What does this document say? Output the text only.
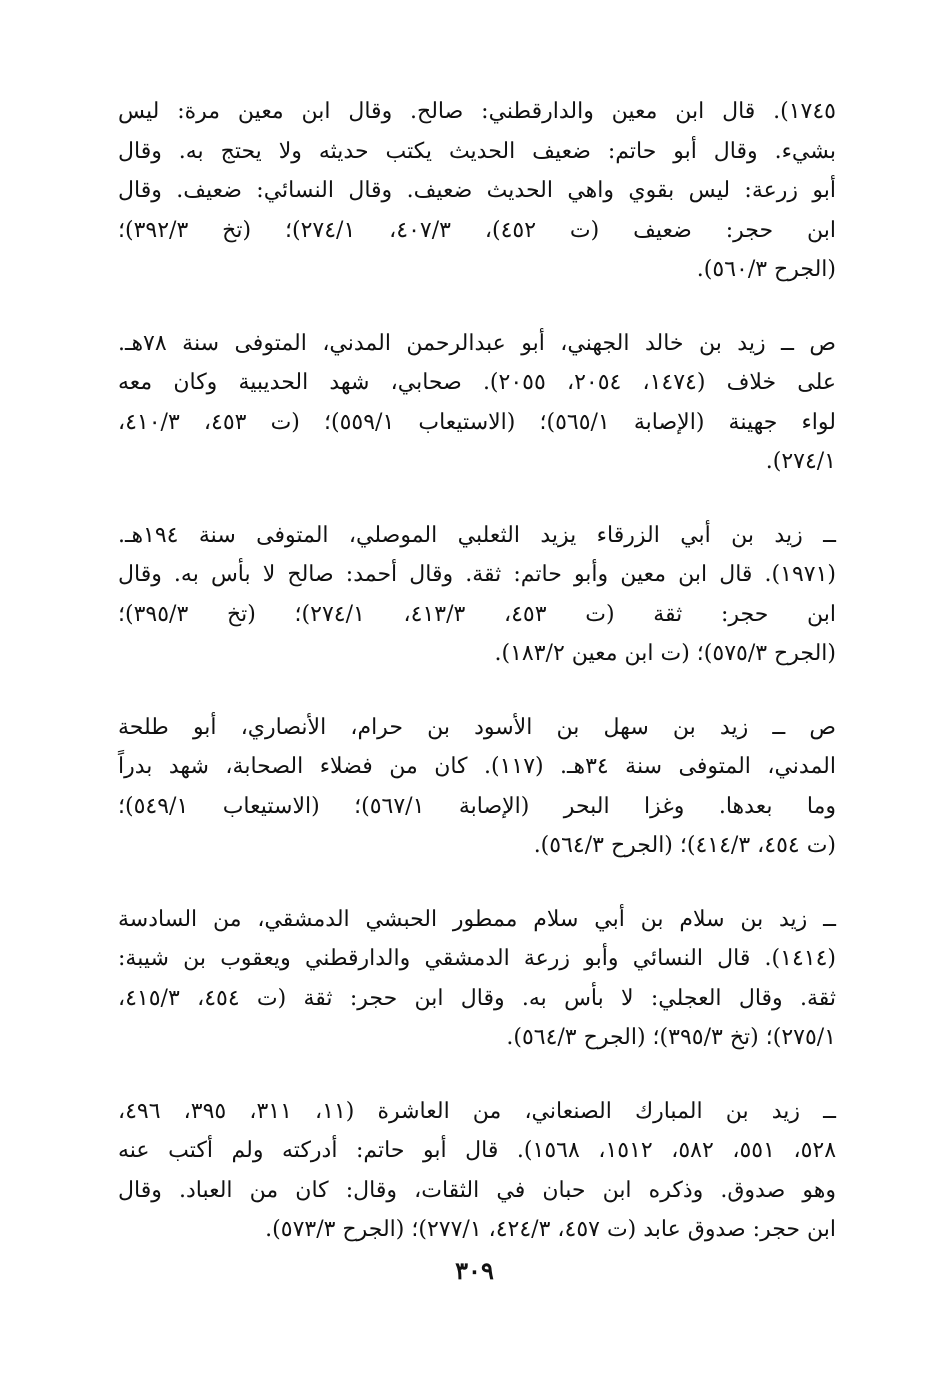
١٧٤٥). قال ابن معين والدارقطني: صالح. وقال ابن معين مرة: ليس
بشيء. وقال أبو حاتم: ضعيف الحديث يكتب حديثه ولا يحتج به. وقال
أبو زرعة: ليس بقوي واهي الحديث ضعيف. وقال النسائي: ضعيف. وقال
ابن حجر: ضعيف (ت ٤٥٢)، ٤٠٧/٣، ٢٧٤/١)؛ (تخ ٣٩٢/٣)؛
(الجرح ٥٦٠/٣).
ص ــ زيد بن خالد الجهني، أبو عبدالرحمن المدني، المتوفى سنة ٧٨هـ.
على خلاف (١٤٧٤، ٢٠٥٤، ٢٠٥٥). صحابي، شهد الحديبية وكان معه
لواء جهينة (الإصابة ٥٦٥/١)؛ (الاستيعاب ٥٥٩/١)؛ (ت ٤٥٣، ٤١٠/٣،
٢٧٤/١).
ــ زيد بن أبي الزرقاء يزيد الثعلبي الموصلي، المتوفى سنة ١٩٤هـ.
(١٩٧١). قال ابن معين وأبو حاتم: ثقة. وقال أحمد: صالح لا بأس به. وقال
ابن حجر: ثقة (ت ٤٥٣، ٤١٣/٣، ٢٧٤/١)؛ (تخ ٣٩٥/٣)؛
(الجرح ٥٧٥/٣)؛ (ت ابن معين ١٨٣/٢).
ص ــ زيد بن سهل بن الأسود بن حرام، الأنصاري، أبو طلحة
المدني، المتوفى سنة ٣٤هـ. (١١٧). كان من فضلاء الصحابة، شهد بدراً
وما بعدها. وغزا البحر (الإصابة ٥٦٧/١)؛ (الاستيعاب ٥٤٩/١)؛
(ت ٤٥٤، ٤١٤/٣)؛ (الجرح ٥٦٤/٣).
ــ زيد بن سلام بن أبي سلام ممطور الحبشي الدمشقي، من السادسة
(١٤١٤). قال النسائي وأبو زرعة الدمشقي والدارقطني ويعقوب بن شيبة:
ثقة. وقال العجلي: لا بأس به. وقال ابن حجر: ثقة (ت ٤٥٤، ٤١٥/٣،
٢٧٥/١)؛ (تخ ٣٩٥/٣)؛ (الجرح ٥٦٤/٣).
ــ زيد بن المبارك الصنعاني، من العاشرة (١١، ٣١١، ٣٩٥، ٤٩٦،
٥٢٨، ٥٥١، ٥٨٢، ١٥١٢، ١٥٦٨). قال أبو حاتم: أدركته ولم أكتب عنه
وهو صدوق. وذكره ابن حبان في الثقات، وقال: كان من العباد. وقال
ابن حجر: صدوق عابد (ت ٤٥٧، ٤٢٤/٣، ٢٧٧/١)؛ (الجرح ٥٧٣/٣).
٣٠٩
